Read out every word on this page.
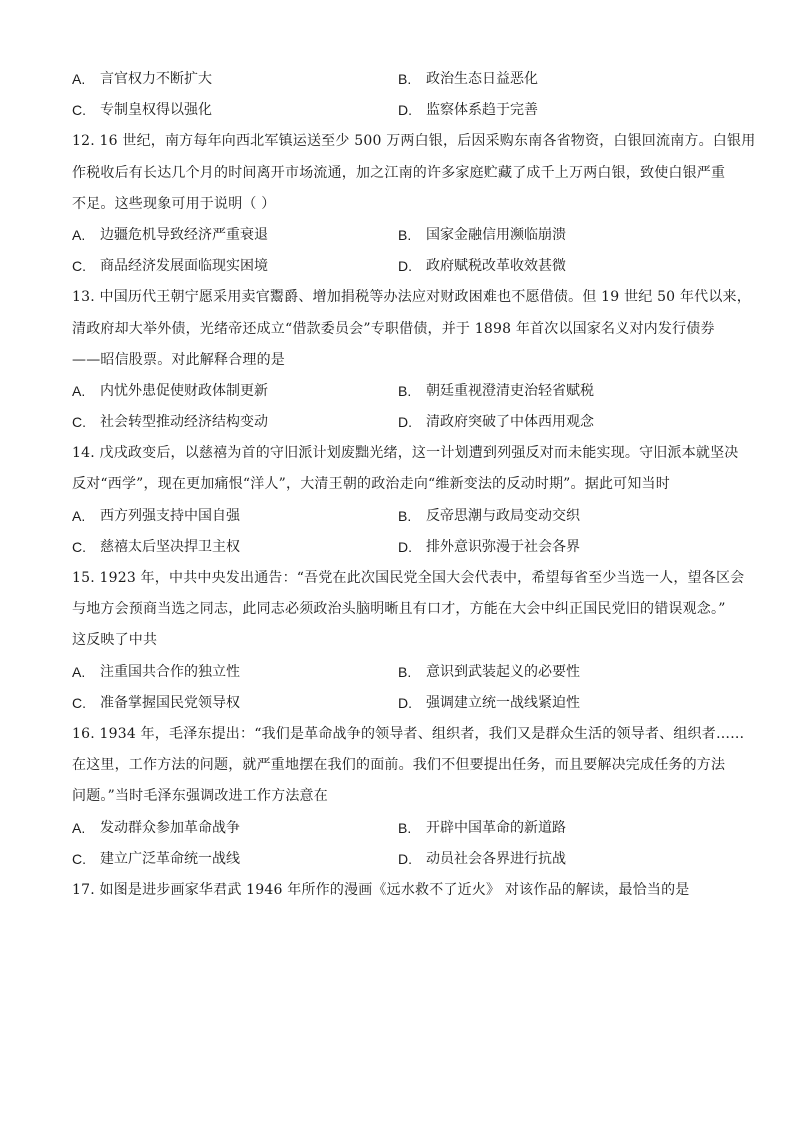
A.	言官权力不断扩大	B.	政治生态日益恶化
C.	专制皇权得以强化	D.	监察体系趋于完善
12. 16 世纪，南方每年向西北军镇运送至少 500 万两白银，后因采购东南各省物资，白银回流南方。白银用
作税收后有长达几个月的时间离开市场流通，加之江南的许多家庭贮藏了成千上万两白银，致使白银严重
不足。这些现象可用于说明（ ）
A.	边疆危机导致经济严重衰退	B.	国家金融信用濒临崩溃
C.	商品经济发展面临现实困境	D.	政府赋税改革收效甚微
13. 中国历代王朝宁愿采用卖官鬻爵、增加捐税等办法应对财政困难也不愿借债。但 19 世纪 50 年代以来，
清政府却大举外债，光绪帝还成立“借款委员会”专职借债，并于 1898 年首次以国家名义对内发行债券
——昭信股票。对此解释合理的是
A.	内忧外患促使财政体制更新	B.	朝廷重视澄清吏治轻省赋税
C.	社会转型推动经济结构变动	D.	清政府突破了中体西用观念
14. 戊戌政变后，以慈禧为首的守旧派计划废黜光绪，这一计划遭到列强反对而未能实现。守旧派本就坚决
反对“西学”，现在更加痛恨“洋人”，大清王朝的政治走向“维新变法的反动时期”。据此可知当时
A.	西方列强支持中国自强	B.	反帝思潮与政局变动交织
C.	慈禧太后坚决捍卫主权	D.	排外意识弥漫于社会各界
15. 1923 年，中共中央发出通告：“吾党在此次国民党全国大会代表中，希望每省至少当选一人，望各区会
与地方会预商当选之同志，此同志必须政治头脑明晰且有口才，方能在大会中纠正国民党旧的错误观念。”
这反映了中共
A.	注重国共合作的独立性	B.	意识到武装起义的必要性
C.	准备掌握国民党领导权	D.	强调建立统一战线紧迫性
16. 1934 年，毛泽东提出：“我们是革命战争的领导者、组织者，我们又是群众生活的领导者、组织者……
在这里，工作方法的问题，就严重地摆在我们的面前。我们不但要提出任务，而且要解决完成任务的方法
问题。”当时毛泽东强调改进工作方法意在
A.	发动群众参加革命战争	B.	开辟中国革命的新道路
C.	建立广泛革命统一战线	D.	动员社会各界进行抗战
17. 如图是进步画家华君武 1946 年所作的漫画《远水救不了近火》 对该作品的解读，最恰当的是
